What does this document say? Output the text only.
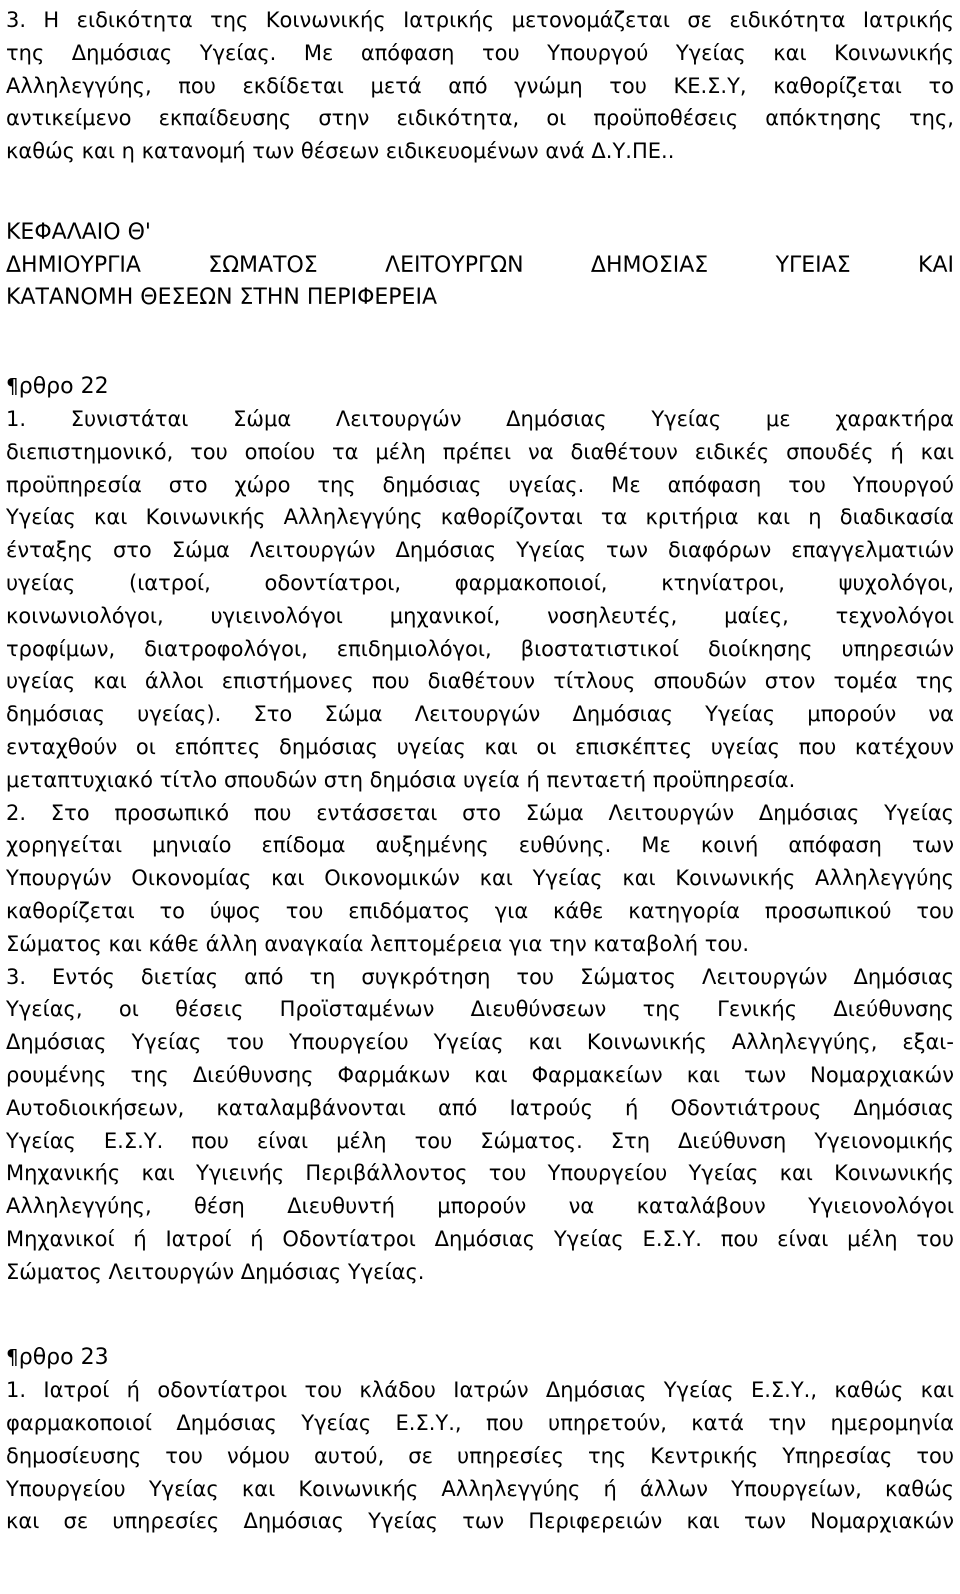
3. Η ειδικότητα της Κοινωνικής Ιατρικής μετονομάζεται σε ειδικότητα Ιατρικής
της Δημόσιας Υγείας. Με απόφαση του Υπουργού Υγείας και Κοινωνικής
Αλληλεγγύης, που εκδίδεται μετά από γνώμη του ΚΕ.Σ.Υ, καθορίζεται το
αντικείμενο εκπαίδευσης στην ειδικότητα, οι προϋποθέσεις απόκτησης της,
καθώς και η κατανομή των θέσεων ειδικευομένων ανά Δ.Υ.ΠΕ..
ΚΕΦΑΛΑΙΟ Θ'
ΔΗΜΙΟΥΡΓΙΑ ΣΩΜΑΤΟΣ ΛΕΙΤΟΥΡΓΩΝ ΔΗΜΟΣΙΑΣ ΥΓΕΙΑΣ ΚΑΙ
ΚΑΤΑΝΟΜΗ ΘΕΣΕΩΝ ΣΤΗΝ ΠΕΡΙΦΕΡΕΙΑ
¶ρθρο 22
1. Συνιστάται Σώμα Λειτουργών Δημόσιας Υγείας με χαρακτήρα
διεπιστημονικό, του οποίου τα μέλη πρέπει να διαθέτουν ειδικές σπουδές ή και
προϋπηρεσία στο χώρο της δημόσιας υγείας. Με απόφαση του Υπουργού
Υγείας και Κοινωνικής Αλληλεγγύης καθορίζονται τα κριτήρια και η διαδικασία
ένταξης στο Σώμα Λειτουργών Δημόσιας Υγείας των διαφόρων επαγγελματιών
υγείας (ιατροί, οδοντίατροι, φαρμακοποιοί, κτηνίατροι, ψυχολόγοι,
κοινωνιολόγοι, υγιεινολόγοι μηχανικοί, νοσηλευτές, μαίες, τεχνολόγοι
τροφίμων, διατροφολόγοι, επιδημιολόγοι, βιοστατιστικοί διοίκησης υπηρεσιών
υγείας και άλλοι επιστήμονες που διαθέτουν τίτλους σπουδών στον τομέα της
δημόσιας υγείας). Στο Σώμα Λειτουργών Δημόσιας Υγείας μπορούν να
ενταχθούν οι επόπτες δημόσιας υγείας και οι επισκέπτες υγείας που κατέχουν
μεταπτυχιακό τίτλο σπουδών στη δημόσια υγεία ή πενταετή προϋπηρεσία.
2. Στο προσωπικό που εντάσσεται στο Σώμα Λειτουργών Δημόσιας Υγείας
χορηγείται μηνιαίο επίδομα αυξημένης ευθύνης. Με κοινή απόφαση των
Υπουργών Οικονομίας και Οικονομικών και Υγείας και Κοινωνικής Αλληλεγγύης
καθορίζεται το ύψος του επιδόματος για κάθε κατηγορία προσωπικού του
Σώματος και κάθε άλλη αναγκαία λεπτομέρεια για την καταβολή του.
3. Εντός διετίας από τη συγκρότηση του Σώματος Λειτουργών Δημόσιας
Υγείας, οι θέσεις Προϊσταμένων Διευθύνσεων της Γενικής Διεύθυνσης
Δημόσιας Υγείας του Υπουργείου Υγείας και Κοινωνικής Αλληλεγγύης, εξαι-
ρουμένης της Διεύθυνσης Φαρμάκων και Φαρμακείων και των Νομαρχιακών
Αυτοδιοικήσεων, καταλαμβάνονται από Ιατρούς ή Οδοντιάτρους Δημόσιας
Υγείας Ε.Σ.Υ. που είναι μέλη του Σώματος. Στη Διεύθυνση Υγειονομικής
Μηχανικής και Υγιεινής Περιβάλλοντος του Υπουργείου Υγείας και Κοινωνικής
Αλληλεγγύης, θέση Διευθυντή μπορούν να καταλάβουν Υγιειονολόγοι
Μηχανικοί ή Ιατροί ή Οδοντίατροι Δημόσιας Υγείας Ε.Σ.Υ. που είναι μέλη του
Σώματος Λειτουργών Δημόσιας Υγείας.
¶ρθρο 23
1. Ιατροί ή οδοντίατροι του κλάδου Ιατρών Δημόσιας Υγείας Ε.Σ.Υ., καθώς και
φαρμακοποιοί Δημόσιας Υγείας Ε.Σ.Υ., που υπηρετούν, κατά την ημερομηνία
δημοσίευσης του νόμου αυτού, σε υπηρεσίες της Κεντρικής Υπηρεσίας του
Υπουργείου Υγείας και Κοινωνικής Αλληλεγγύης ή άλλων Υπουργείων, καθώς
και σε υπηρεσίες Δημόσιας Υγείας των Περιφερειών και των Νομαρχιακών
